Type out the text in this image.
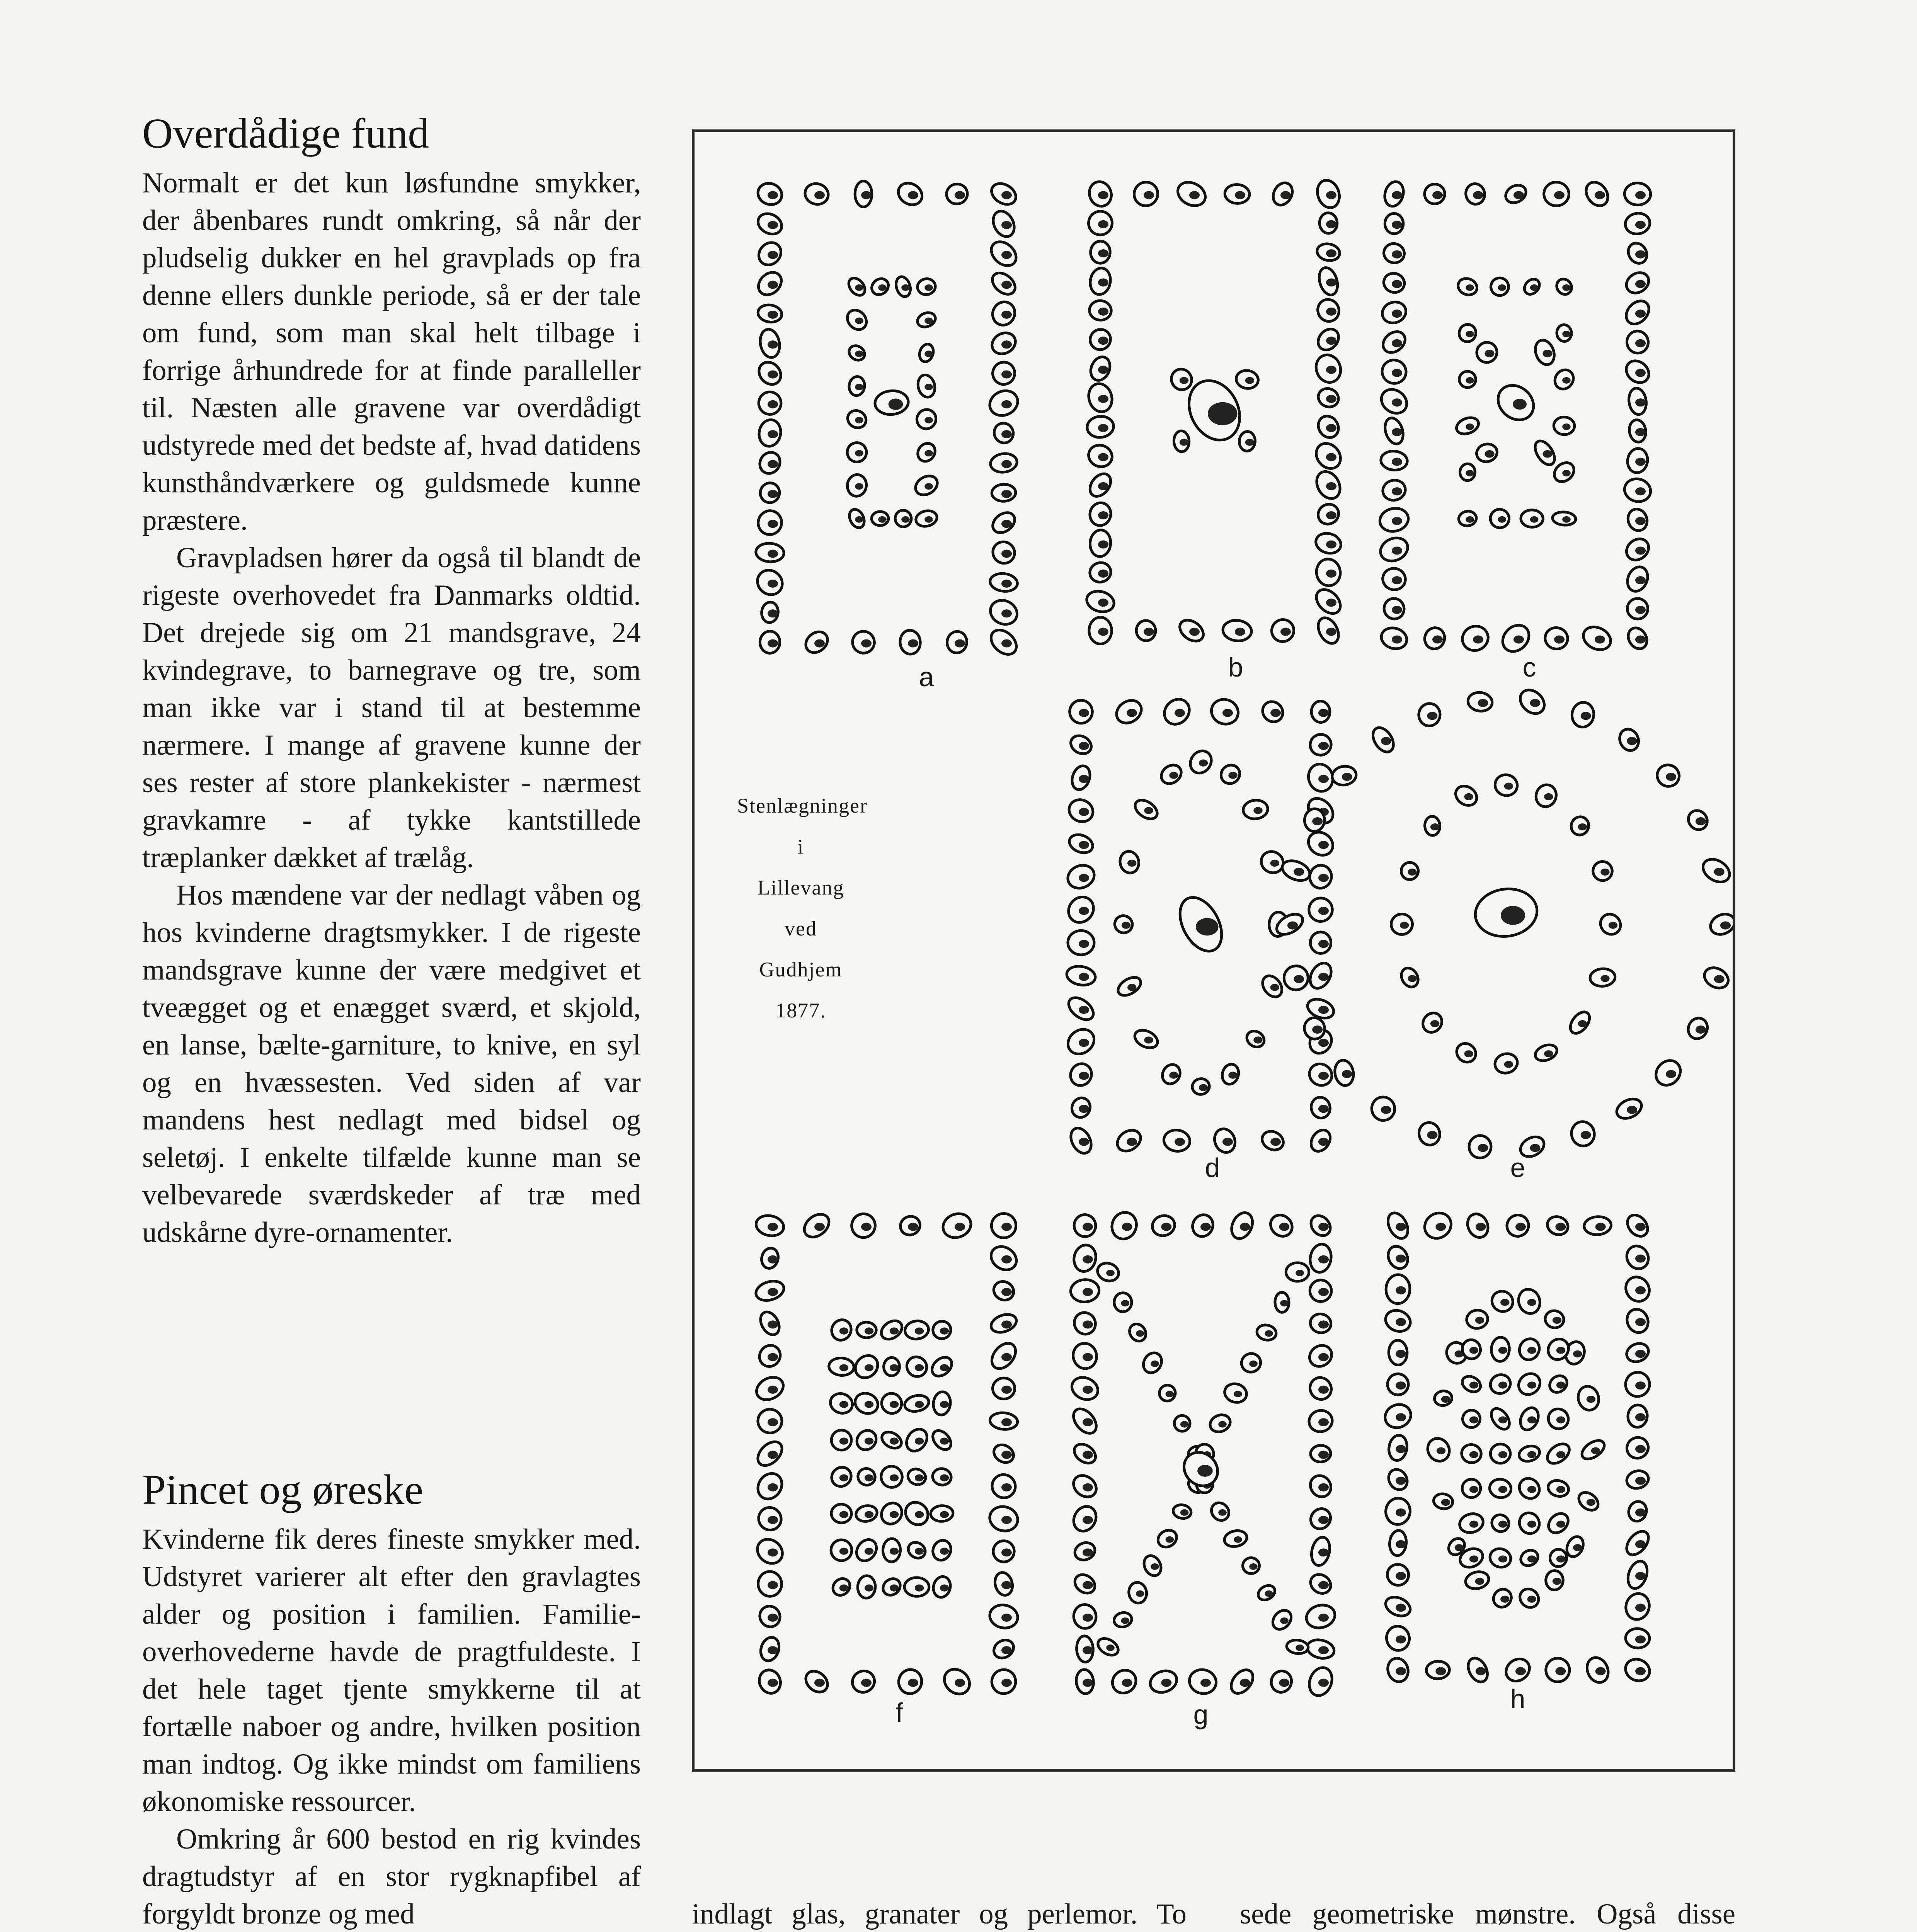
Overdådige fund

Normalt er det kun løsfundne smykker, der åbenbares rundt omkring, så når der pludselig dukker en hel gravplads op fra denne ellers dunkle periode, så er der tale om fund, som man skal helt tilbage i forrige århundrede for at finde paralleller til. Næsten alle gravene var overdådigt udstyrede med det bedste af, hvad datidens kunsthåndværkere og guldsmede kunne præstere.

Gravpladsen hører da også til blandt de rigeste overhovedet fra Danmarks oldtid. Det drejede sig om 21 mandsgrave, 24 kvindegrave, to barnegrave og tre, som man ikke var i stand til at bestemme nærmere. I mange af gravene kunne der ses rester af store plankekister - nærmest gravkamre - af tykke kantstillede træplanker dækket af trælåg.

Hos mændene var der nedlagt våben og hos kvinderne dragtsmykker. I de rigeste mandsgrave kunne der være medgivet et tveægget og et enægget sværd, et skjold, en lanse, bælte-garniture, to knive, en syl og en hvæssesten. Ved siden af var mandens hest nedlagt med bidsel og seletøj. I enkelte tilfælde kunne man se velbevarede sværdskeder af træ med udskårne dyre-ornamenter.

Pincet og øreske

Kvinderne fik deres fineste smykker med. Udstyret varierer alt efter den gravlagtes alder og position i familien. Familie-overhovederne havde de pragtfuldeste. I det hele taget tjente smykkerne til at fortælle naboer og andre, hvilken position man indtog. Og ikke mindst om familiens økonomiske ressourcer.

Omkring år 600 bestod en rig kvindes dragtudstyr af en stor rygknapfibel af forgyldt bronze og med

Stenlægninger
i
Lillevang
ved
Gudhjem
1877.
a	b	c
d	e
f	g
h

indlagt glas, granater og perlemor. To sede geometriske mønstre. Også disse
